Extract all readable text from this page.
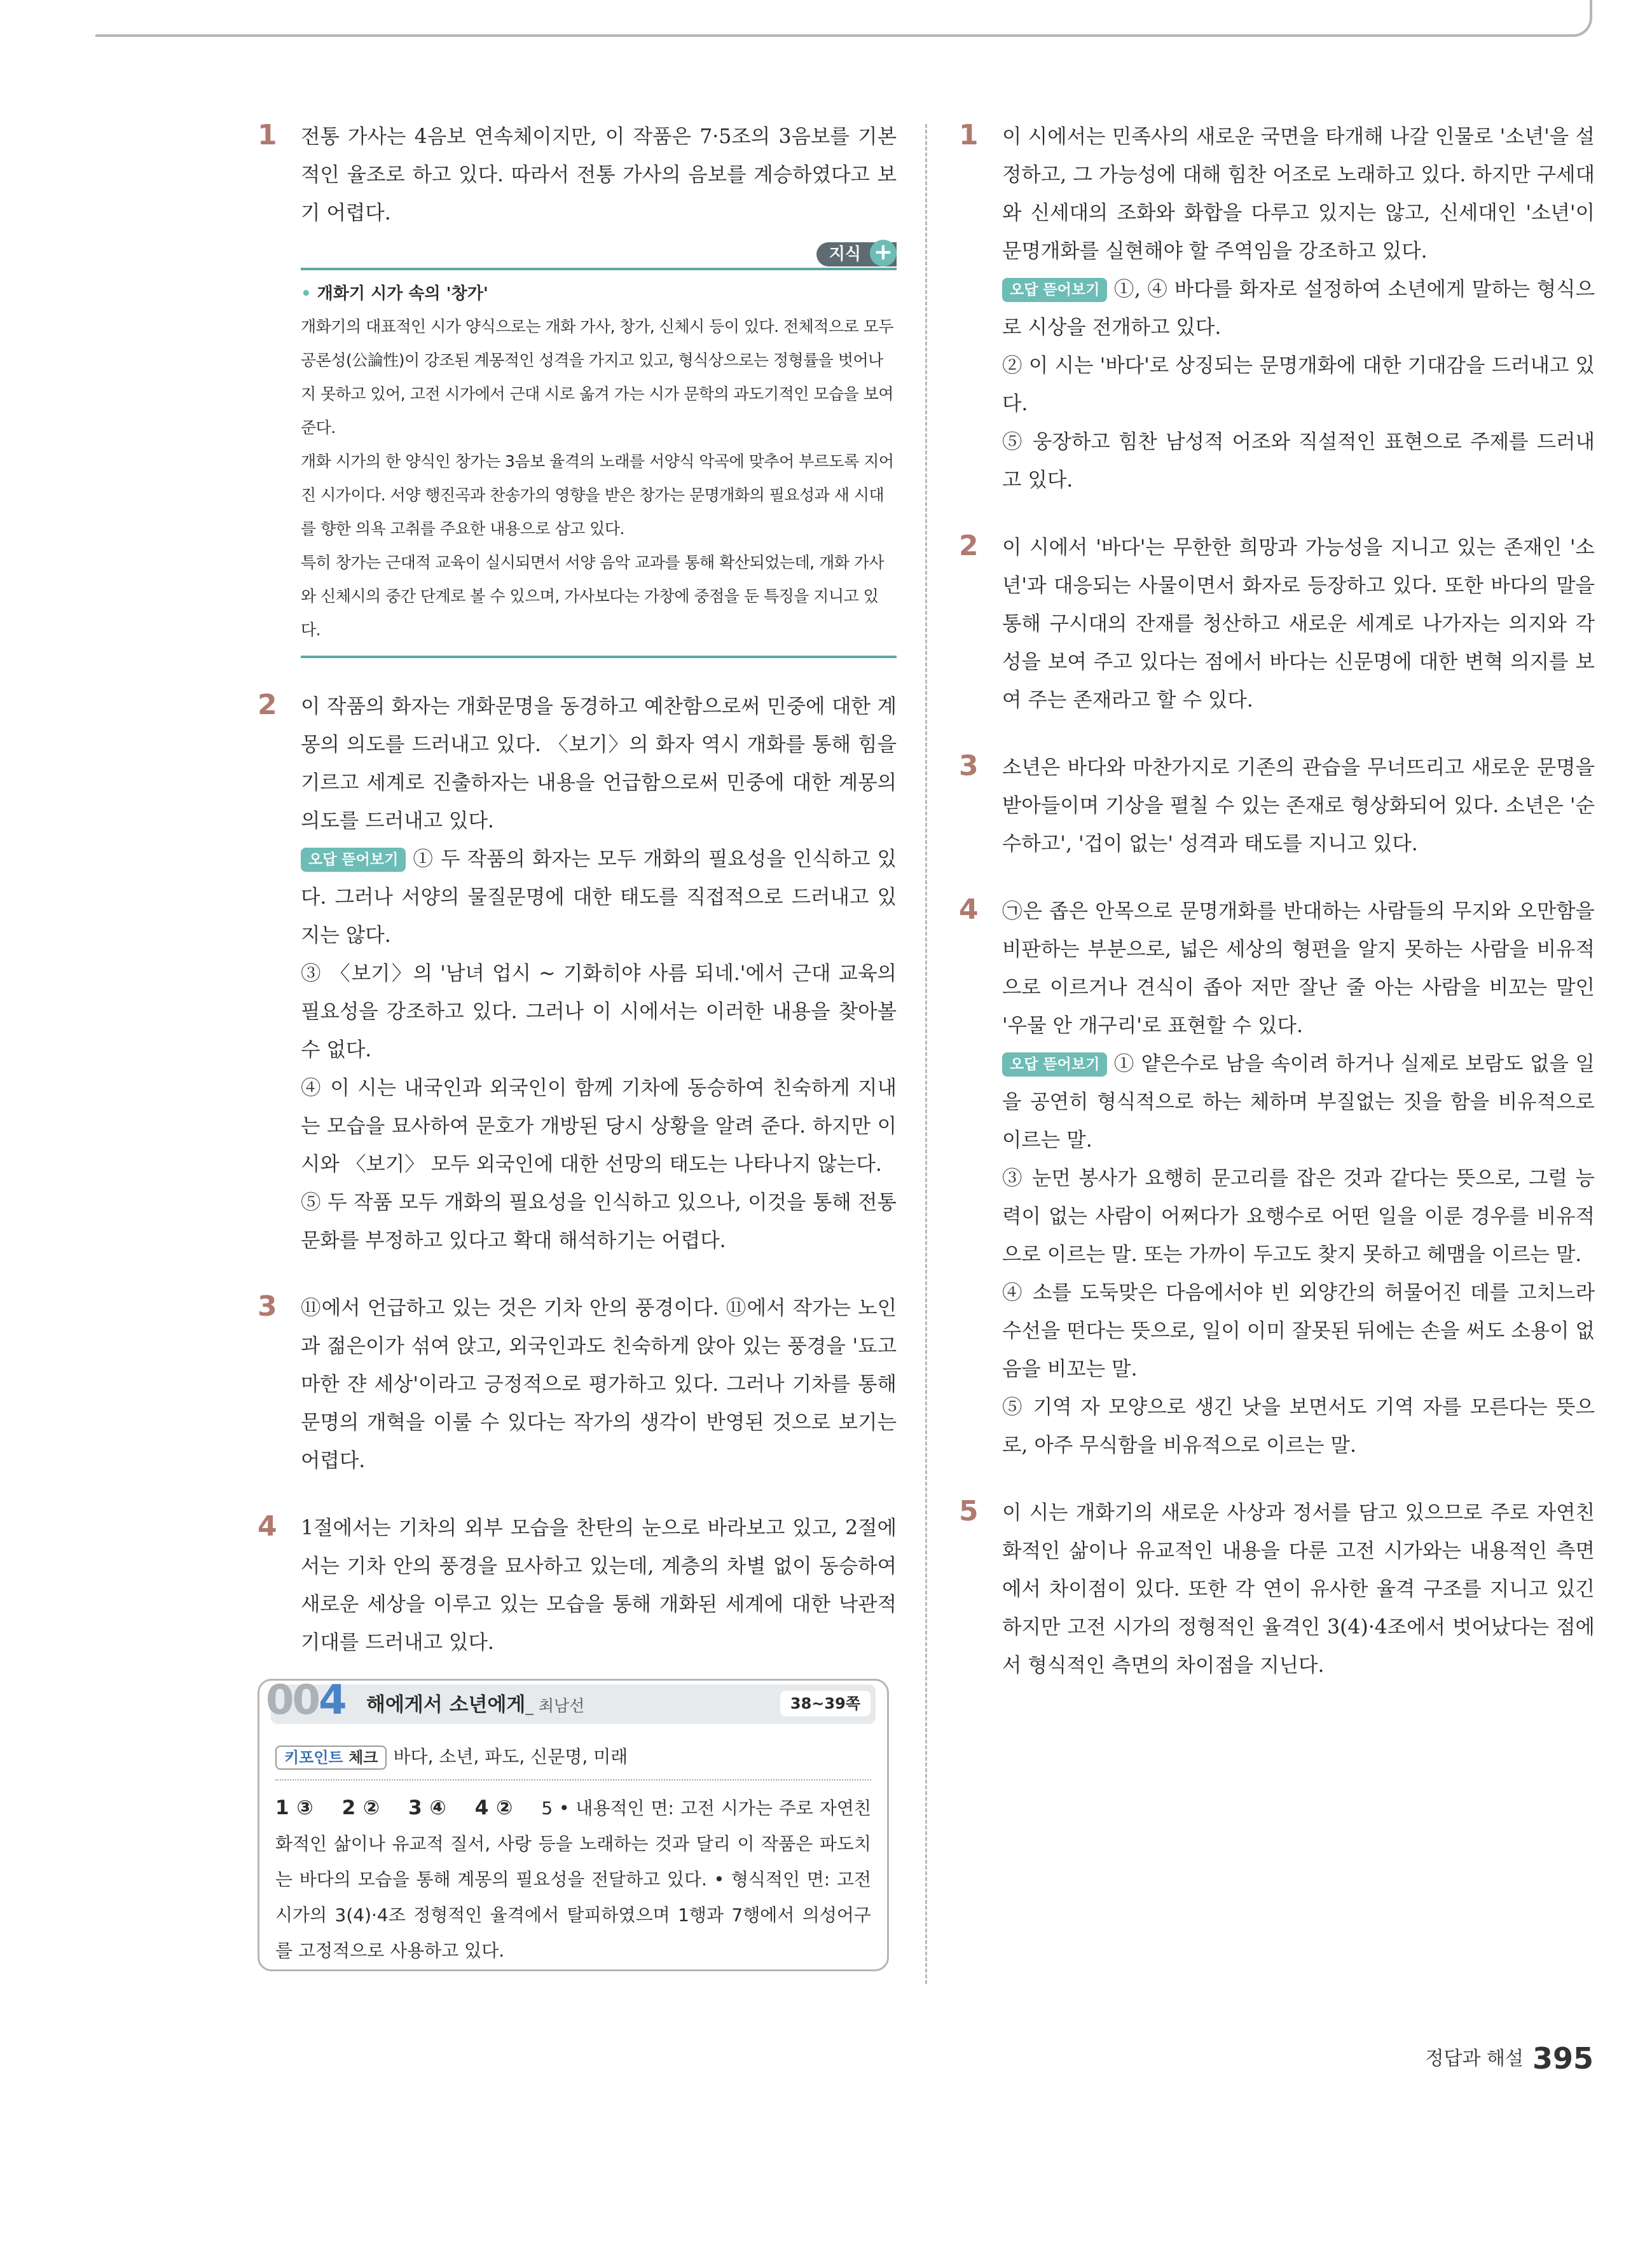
1 전통 가사는 4음보 연속체이지만, 이 작품은 7·5조의 3음보를 기본적인 율조로 하고 있다. 따라서 전통 가사의 음보를 계승하였다고 보기 어렵다.

지식 +
• 개화기 시가 속의 '창가'

개화기의 대표적인 시가 양식으로는 개화 가사, 창가, 신체시 등이 있다. 전체적으로 모두 공론성(公論性)이 강조된 계몽적인 성격을 가지고 있고, 형식상으로는 정형률을 벗어나지 못하고 있어, 고전 시가에서 근대 시로 옮겨 가는 시가 문학의 과도기적인 모습을 보여 준다.

개화 시가의 한 양식인 창가는 3음보 율격의 노래를 서양식 악곡에 맞추어 부르도록 지어진 시가이다. 서양 행진곡과 찬송가의 영향을 받은 창가는 문명개화의 필요성과 새 시대를 향한 의욕 고취를 주요한 내용으로 삼고 있다.

특히 창가는 근대적 교육이 실시되면서 서양 음악 교과를 통해 확산되었는데, 개화 가사와 신체시의 중간 단계로 볼 수 있으며, 가사보다는 가창에 중점을 둔 특징을 지니고 있다.

2 이 작품의 화자는 개화문명을 동경하고 예찬함으로써 민중에 대한 계몽의 의도를 드러내고 있다. 〈보기〉의 화자 역시 개화를 통해 힘을 기르고 세계로 진출하자는 내용을 언급함으로써 민중에 대한 계몽의 의도를 드러내고 있다.

오답 뜯어보기 ① 두 작품의 화자는 모두 개화의 필요성을 인식하고 있다. 그러나 서양의 물질문명에 대한 태도를 직접적으로 드러내고 있지는 않다.

③ 〈보기〉의 '남녀 업시 ~ 기화히야 사름 되네.'에서 근대 교육의 필요성을 강조하고 있다. 그러나 이 시에서는 이러한 내용을 찾아볼 수 없다.

④ 이 시는 내국인과 외국인이 함께 기차에 동승하여 친숙하게 지내는 모습을 묘사하여 문호가 개방된 당시 상황을 알려 준다. 하지만 이 시와 〈보기〉 모두 외국인에 대한 선망의 태도는 나타나지 않는다.

⑤ 두 작품 모두 개화의 필요성을 인식하고 있으나, 이것을 통해 전통문화를 부정하고 있다고 확대 해석하기는 어렵다.

3 ⑪에서 언급하고 있는 것은 기차 안의 풍경이다. ⑪에서 작가는 노인과 젊은이가 섞여 앉고, 외국인과도 친숙하게 앉아 있는 풍경을 '됴고마한 쟌 세상'이라고 긍정적으로 평가하고 있다. 그러나 기차를 통해 문명의 개혁을 이룰 수 있다는 작가의 생각이 반영된 것으로 보기는 어렵다.

4 1절에서는 기차의 외부 모습을 찬탄의 눈으로 바라보고 있고, 2절에서는 기차 안의 풍경을 묘사하고 있는데, 계층의 차별 없이 동승하여 새로운 세상을 이루고 있는 모습을 통해 개화된 세계에 대한 낙관적 기대를 드러내고 있다.

1 이 시에서는 민족사의 새로운 국면을 타개해 나갈 인물로 '소년'을 설정하고, 그 가능성에 대해 힘찬 어조로 노래하고 있다. 하지만 구세대와 신세대의 조화와 화합을 다루고 있지는 않고, 신세대인 '소년'이 문명개화를 실현해야 할 주역임을 강조하고 있다.

오답 뜯어보기 ①, ④ 바다를 화자로 설정하여 소년에게 말하는 형식으로 시상을 전개하고 있다.

② 이 시는 '바다'로 상징되는 문명개화에 대한 기대감을 드러내고 있다.

⑤ 웅장하고 힘찬 남성적 어조와 직설적인 표현으로 주제를 드러내고 있다.

2 이 시에서 '바다'는 무한한 희망과 가능성을 지니고 있는 존재인 '소년'과 대응되는 사물이면서 화자로 등장하고 있다. 또한 바다의 말을 통해 구시대의 잔재를 청산하고 새로운 세계로 나가자는 의지와 각성을 보여 주고 있다는 점에서 바다는 신문명에 대한 변혁 의지를 보여 주는 존재라고 할 수 있다.

3 소년은 바다와 마찬가지로 기존의 관습을 무너뜨리고 새로운 문명을 받아들이며 기상을 펼칠 수 있는 존재로 형상화되어 있다. 소년은 '순수하고', '겁이 없는' 성격과 태도를 지니고 있다.

4 ㉠은 좁은 안목으로 문명개화를 반대하는 사람들의 무지와 오만함을 비판하는 부분으로, 넓은 세상의 형편을 알지 못하는 사람을 비유적으로 이르거나 견식이 좁아 저만 잘난 줄 아는 사람을 비꼬는 말인 '우물 안 개구리'로 표현할 수 있다.

오답 뜯어보기 ① 얕은수로 남을 속이려 하거나 실제로 보람도 없을 일을 공연히 형식적으로 하는 체하며 부질없는 짓을 함을 비유적으로 이르는 말.

③ 눈먼 봉사가 요행히 문고리를 잡은 것과 같다는 뜻으로, 그럴 능력이 없는 사람이 어쩌다가 요행수로 어떤 일을 이룬 경우를 비유적으로 이르는 말. 또는 가까이 두고도 찾지 못하고 헤맴을 이르는 말.

④ 소를 도둑맞은 다음에서야 빈 외양간의 허물어진 데를 고치느라 수선을 떤다는 뜻으로, 일이 이미 잘못된 뒤에는 손을 써도 소용이 없음을 비꼬는 말.

⑤ 기역 자 모양으로 생긴 낫을 보면서도 기역 자를 모른다는 뜻으로, 아주 무식함을 비유적으로 이르는 말.

5 이 시는 개화기의 새로운 사상과 정서를 담고 있으므로 주로 자연친화적인 삶이나 유교적인 내용을 다룬 고전 시가와는 내용적인 측면에서 차이점이 있다. 또한 각 연이 유사한 율격 구조를 지니고 있긴 하지만 고전 시가의 정형적인 율격인 3(4)·4조에서 벗어났다는 점에서 형식적인 측면의 차이점을 지닌다.

004 해에게서 소년에게_ 최남선	38~39쪽
키포인트 체크 바다, 소년, 파도, 신문명, 미래

1 ③ 2 ② 3 ④ 4 ② 5 • 내용적인 면: 고전 시가는 주로 자연친화적인 삶이나 유교적 질서, 사랑 등을 노래하는 것과 달리 이 작품은 파도치는 바다의 모습을 통해 계몽의 필요성을 전달하고 있다. • 형식적인 면: 고전 시가의 3(4)·4조 정형적인 율격에서 탈피하였으며 1행과 7행에서 의성어구를 고정적으로 사용하고 있다.

정답과 해설 395
